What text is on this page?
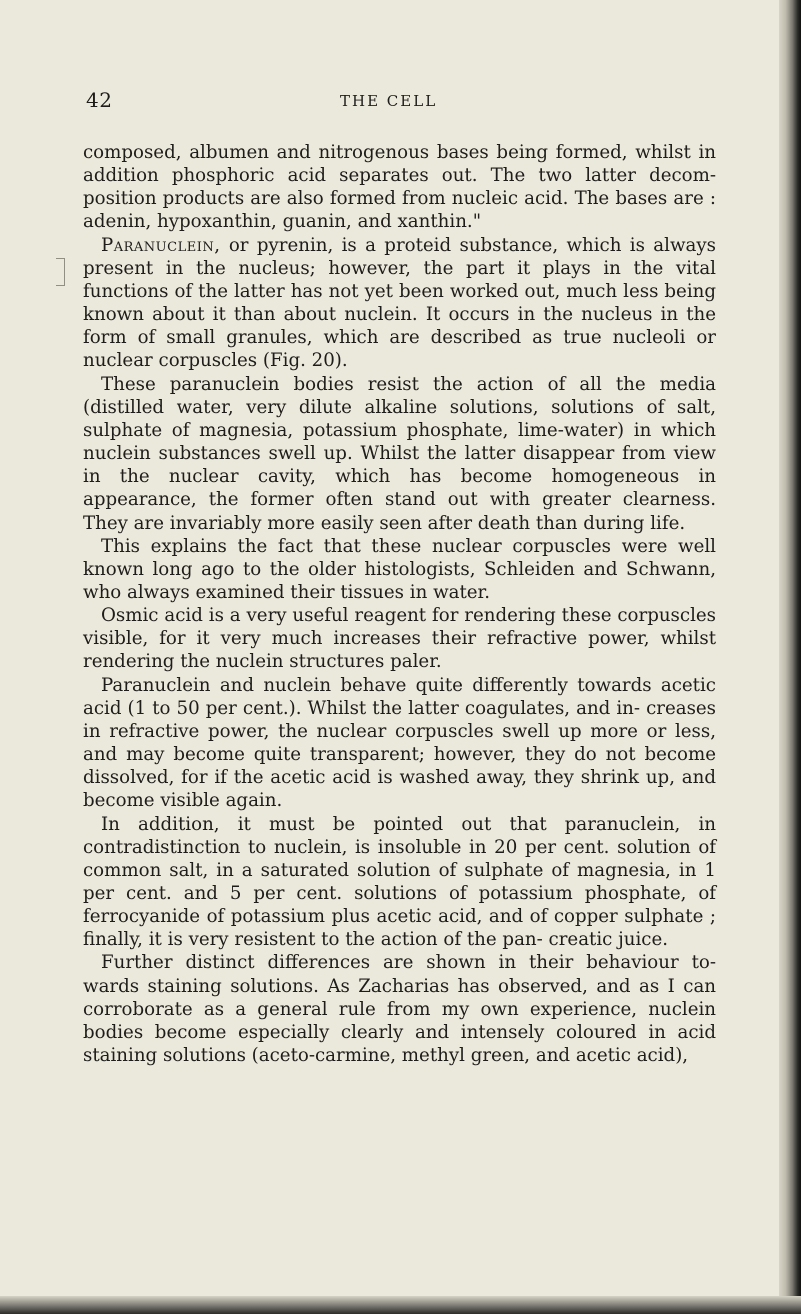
42	THE CELL

composed, albumen and nitrogenous bases being formed, whilst in addition phosphoric acid separates out. The two latter decom- position products are also formed from nucleic acid. The bases are : adenin, hypoxanthin, guanin, and xanthin."

Paranuclein, or pyrenin, is a proteid substance, which is always present in the nucleus; however, the part it plays in the vital functions of the latter has not yet been worked out, much less being known about it than about nuclein. It occurs in the nucleus in the form of small granules, which are described as true nucleoli or nuclear corpuscles (Fig. 20).

These paranuclein bodies resist the action of all the media (distilled water, very dilute alkaline solutions, solutions of salt, sulphate of magnesia, potassium phosphate, lime-water) in which nuclein substances swell up. Whilst the latter disappear from view in the nuclear cavity, which has become homogeneous in appearance, the former often stand out with greater clearness. They are invariably more easily seen after death than during life.

This explains the fact that these nuclear corpuscles were well known long ago to the older histologists, Schleiden and Schwann, who always examined their tissues in water.

Osmic acid is a very useful reagent for rendering these corpuscles visible, for it very much increases their refractive power, whilst rendering the nuclein structures paler.

Paranuclein and nuclein behave quite differently towards acetic acid (1 to 50 per cent.). Whilst the latter coagulates, and in- creases in refractive power, the nuclear corpuscles swell up more or less, and may become quite transparent; however, they do not become dissolved, for if the acetic acid is washed away, they shrink up, and become visible again.

In addition, it must be pointed out that paranuclein, in contradistinction to nuclein, is insoluble in 20 per cent. solution of common salt, in a saturated solution of sulphate of magnesia, in 1 per cent. and 5 per cent. solutions of potassium phosphate, of ferrocyanide of potassium plus acetic acid, and of copper sulphate ; finally, it is very resistent to the action of the pan- creatic juice.

Further distinct differences are shown in their behaviour to- wards staining solutions. As Zacharias has observed, and as I can corroborate as a general rule from my own experience, nuclein bodies become especially clearly and intensely coloured in acid staining solutions (aceto-carmine, methyl green, and acetic acid),
